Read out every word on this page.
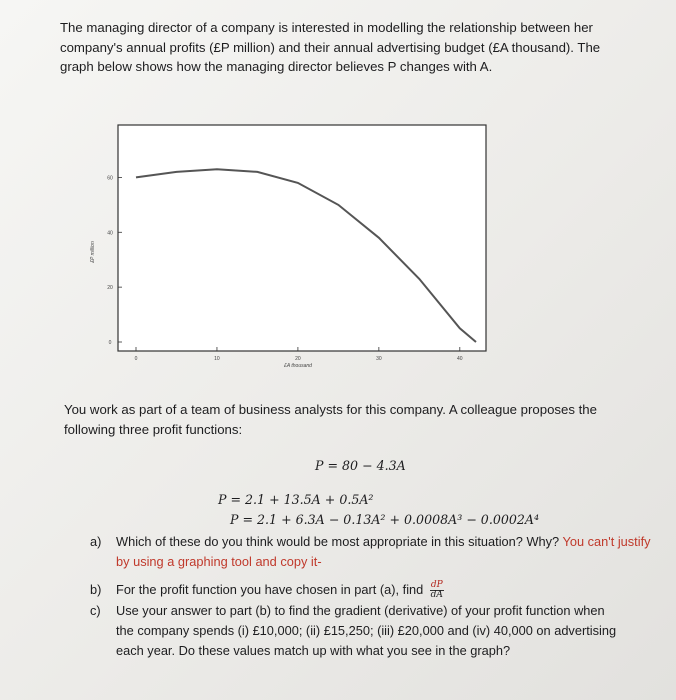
The managing director of a company is interested in modelling the relationship between her
company's annual profits (£P million) and their annual advertising budget (£A thousand). The
graph below shows how the managing director believes P changes with A.
0
20
40
60
0	10	20	30	40
£P million
£A thousand
You work as part of a team of business analysts for this company. A colleague proposes the
following three profit functions:
P = 80 − 4.3A
P = 2.1 + 13.5A + 0.5A²
P = 2.1 + 6.3A − 0.13A² + 0.0008A³ − 0.0002A⁴
a) Which of these do you think would be most appropriate in this situation? Why? You can't justify by using a graphing tool and copy it-
b) For the profit function you have chosen in part (a), find $\frac{dP}{dA}$
c) Use your answer to part (b) to find the gradient (derivative) of your profit function when
the company spends (i) £10,000; (ii) £15,250; (iii) £20,000 and (iv) 40,000 on advertising
each year. Do these values match up with what you see in the graph?
